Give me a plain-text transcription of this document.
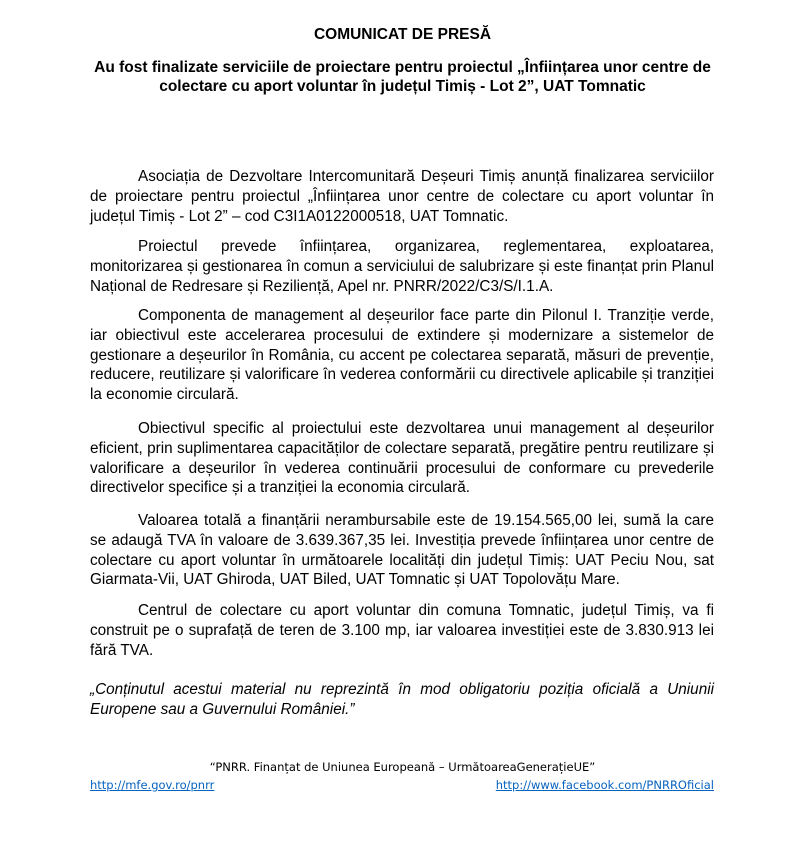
COMUNICAT DE PRESĂ
Au fost finalizate serviciile de proiectare pentru proiectul „Înființarea unor centre de colectare cu aport voluntar în județul Timiș - Lot 2”, UAT Tomnatic

Asociația de Dezvoltare Intercomunitară Deșeuri Timiș anunță finalizarea serviciilor de proiectare pentru proiectul „Înființarea unor centre de colectare cu aport voluntar în județul Timiș - Lot 2” – cod C3I1A0122000518, UAT Tomnatic.

Proiectul prevede înființarea, organizarea, reglementarea, exploatarea, monitorizarea și gestionarea în comun a serviciului de salubrizare și este finanțat prin Planul Național de Redresare și Reziliență, Apel nr. PNRR/2022/C3/S/I.1.A.

Componenta de management al deșeurilor face parte din Pilonul I. Tranziție verde, iar obiectivul este accelerarea procesului de extindere și modernizare a sistemelor de gestionare a deșeurilor în România, cu accent pe colectarea separată, măsuri de prevenție, reducere, reutilizare și valorificare în vederea conformării cu directivele aplicabile și tranziției la economie circulară.

Obiectivul specific al proiectului este dezvoltarea unui management al deșeurilor eficient, prin suplimentarea capacităților de colectare separată, pregătire pentru reutilizare și valorificare a deșeurilor în vederea continuării procesului de conformare cu prevederile directivelor specifice și a tranziției la economia circulară.

Valoarea totală a finanțării nerambursabile este de 19.154.565,00 lei, sumă la care se adaugă TVA în valoare de 3.639.367,35 lei. Investiția prevede înființarea unor centre de colectare cu aport voluntar în următoarele localități din județul Timiș: UAT Peciu Nou, sat Giarmata-Vii, UAT Ghiroda, UAT Biled, UAT Tomnatic și UAT Topolovățu Mare.

Centrul de colectare cu aport voluntar din comuna Tomnatic, județul Timiș, va fi construit pe o suprafață de teren de 3.100 mp, iar valoarea investiției este de 3.830.913 lei fără TVA.

„Conținutul acestui material nu reprezintă în mod obligatoriu poziția oficială a Uniunii Europene sau a Guvernului României.”

“PNRR. Finanțat de Uniunea Europeană – UrmătoareaGenerațieUE”
http://mfe.gov.ro/pnrr	http://www.facebook.com/PNRROficial
